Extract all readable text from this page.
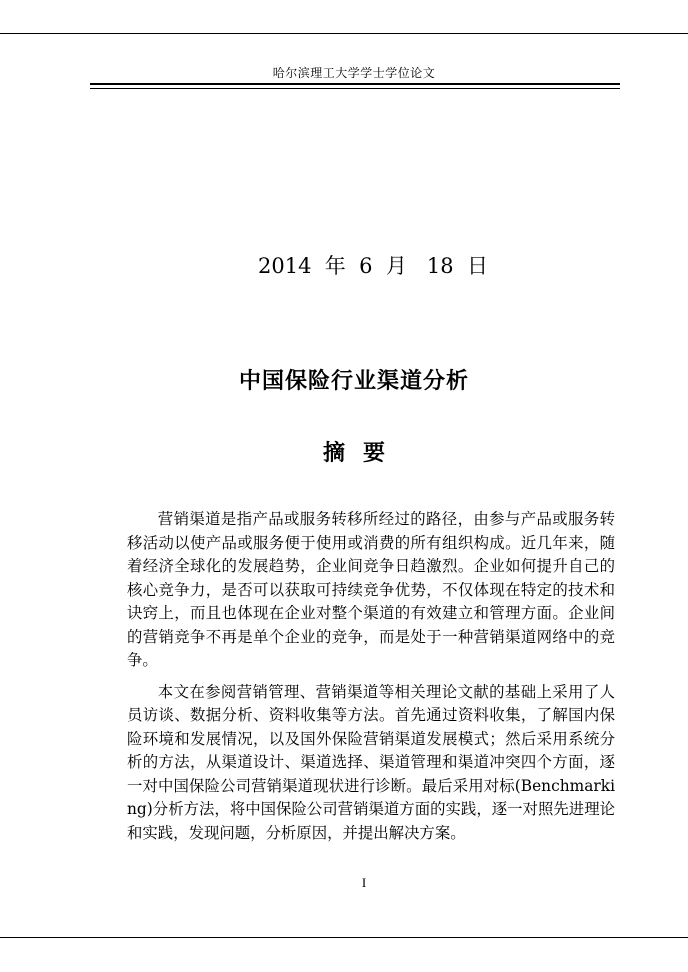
哈尔滨理工大学学士学位论文
2014  年  6  月   18  日
中国保险行业渠道分析
摘要

营销渠道是指产品或服务转移所经过的路径，由参与产品或服务转移活动以使产品或服务便于使用或消费的所有组织构成。近几年来，随着经济全球化的发展趋势，企业间竞争日趋激烈。企业如何提升自己的核心竞争力，是否可以获取可持续竞争优势，不仅体现在特定的技术和诀窍上，而且也体现在企业对整个渠道的有效建立和管理方面。企业间的营销竞争不再是单个企业的竞争，而是处于一种营销渠道网络中的竞争。

本文在参阅营销管理、营销渠道等相关理论文献的基础上采用了人员访谈、数据分析、资料收集等方法。首先通过资料收集，了解国内保险环境和发展情况，以及国外保险营销渠道发展模式；然后采用系统分析的方法，从渠道设计、渠道选择、渠道管理和渠道冲突四个方面，逐一对中国保险公司营销渠道现状进行诊断。最后采用对标(Benchmarking)分析方法，将中国保险公司营销渠道方面的实践，逐一对照先进理论和实践，发现问题，分析原因，并提出解决方案。

I
